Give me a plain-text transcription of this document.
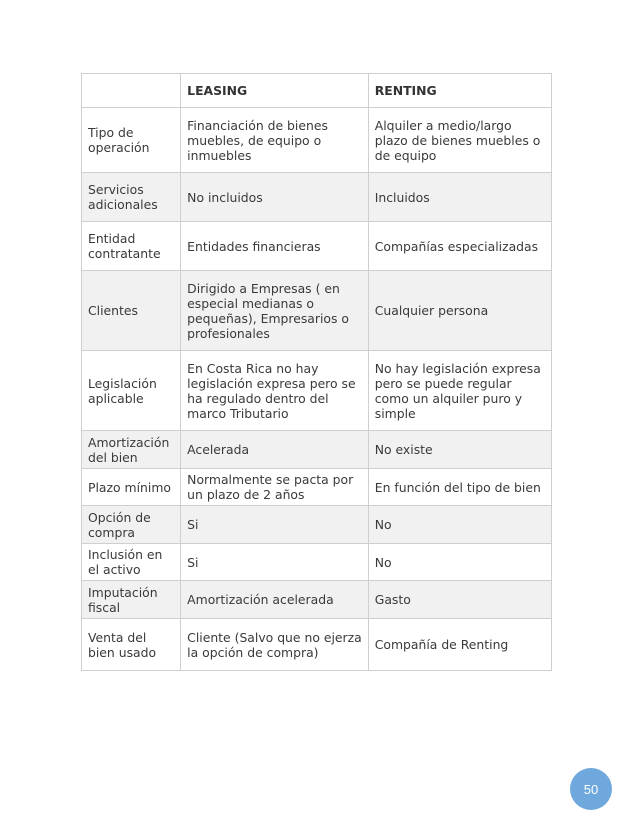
	LEASING	RENTING
Tipo de operación	Financiación de bienes muebles, de equipo o inmuebles	Alquiler a medio/largo plazo de bienes muebles o de equipo
Servicios adicionales	No incluidos	Incluidos
Entidad contratante	Entidades financieras	Compañías especializadas
Clientes	Dirigido a Empresas ( en especial medianas o pequeñas), Empresarios o profesionales	Cualquier persona
Legislación aplicable	En Costa Rica no hay legislación expresa pero se ha regulado dentro del marco Tributario	No hay legislación expresa pero se puede regular como un alquiler puro y simple
Amortización del bien	Acelerada	No existe
Plazo mínimo	Normalmente se pacta por un plazo de 2 años	En función del tipo de bien
Opción de compra	Si	No
Inclusión en el activo	Si	No
Imputación fiscal	Amortización acelerada	Gasto
Venta del bien usado	Cliente (Salvo que no ejerza la opción de compra)	Compañía de Renting
50
